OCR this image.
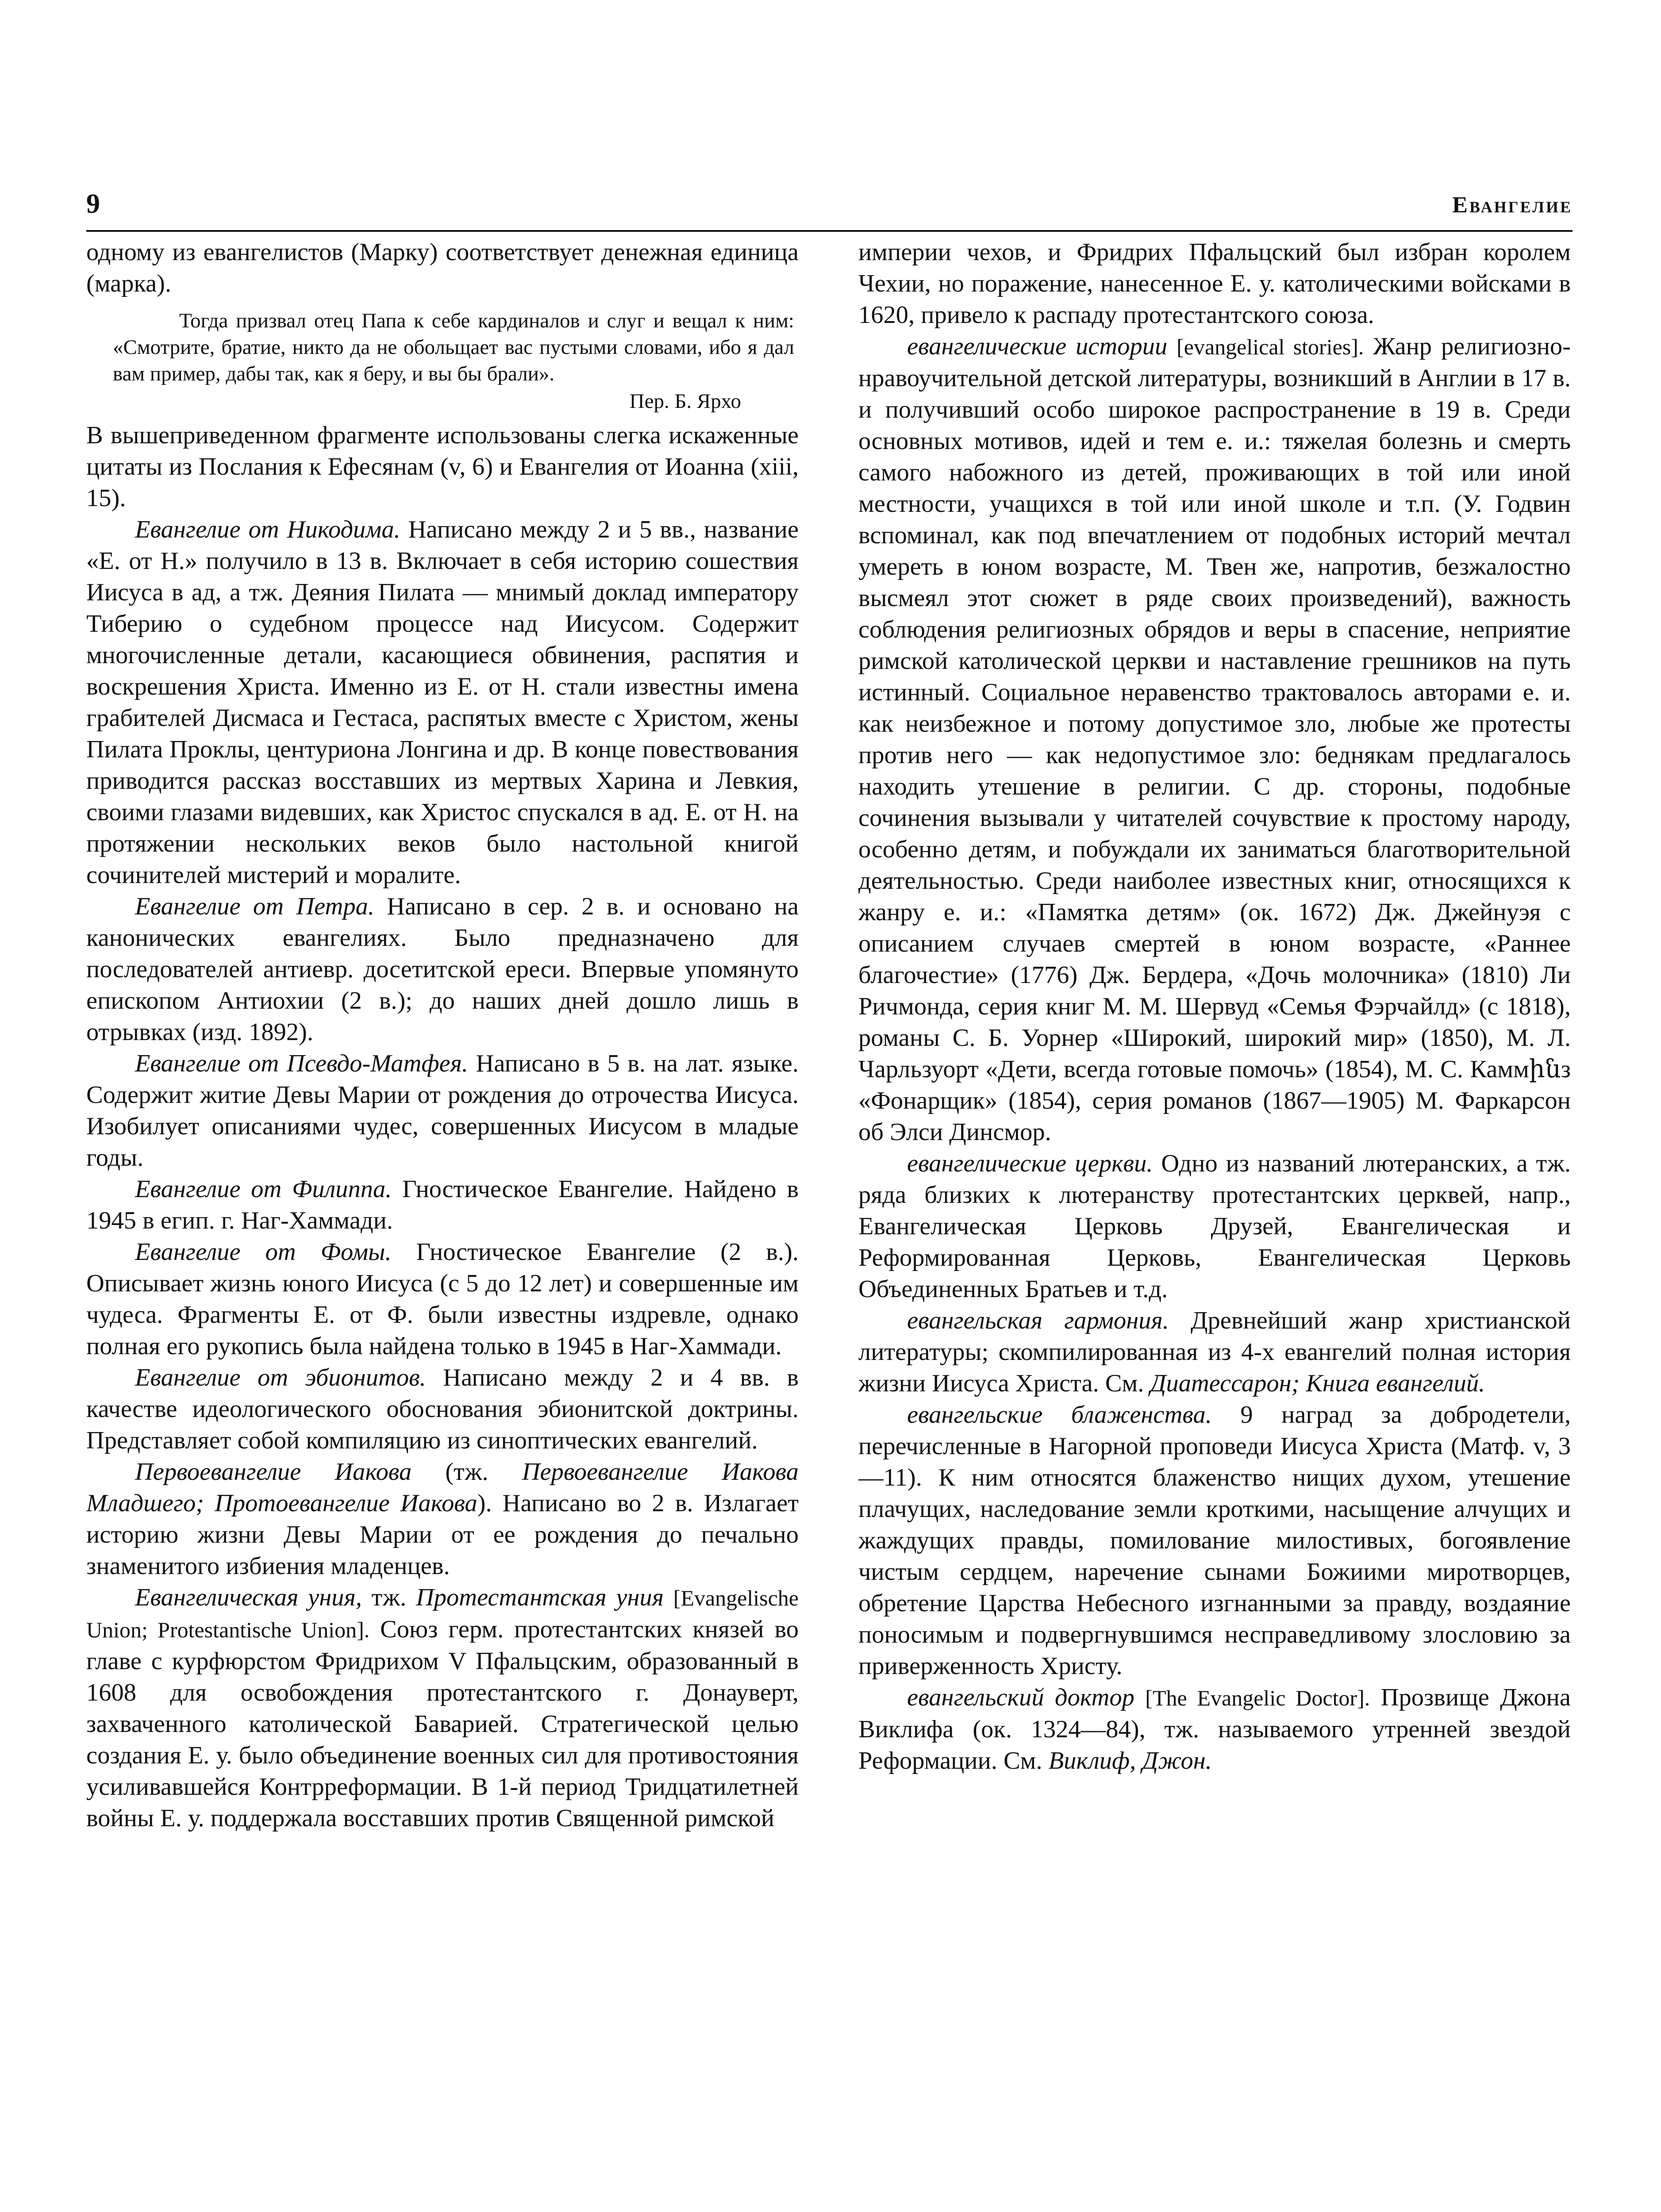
9	Евангелие

одному из евангелистов (Марку) соответствует денежная единица (марка).

Тогда призвал отец Папа к себе кардиналов и слуг и вещал к ним: «Смотрите, братие, никто да не обольщает вас пустыми словами, ибо я дал вам пример, дабы так, как я беру, и вы бы брали».

Пер. Б. Ярхо

В вышеприведенном фрагменте использованы слегка искаженные цитаты из Послания к Ефесянам (v, 6) и Евангелия от Иоанна (xiii, 15).

Евангелие от Никодима. Написано между 2 и 5 вв., название «Е. от Н.» получило в 13 в. Включает в себя историю сошествия Иисуса в ад, а тж. Деяния Пилата — мнимый доклад императору Тиберию о судебном процессе над Иисусом. Содержит многочисленные детали, касающиеся обвинения, распятия и воскрешения Христа. Именно из Е. от Н. стали известны имена грабителей Дисмаса и Гестаса, распятых вместе с Христом, жены Пилата Проклы, центуриона Лонгина и др. В конце повествования приводится рассказ восставших из мертвых Харина и Левкия, своими глазами видевших, как Христос спускался в ад. Е. от Н. на протяжении нескольких веков было настольной книгой сочинителей мистерий и моралите.

Евангелие от Петра. Написано в сер. 2 в. и основано на канонических евангелиях. Было предназначено для последователей антиевр. досетитской ереси. Впервые упомянуто епископом Антиохии (2 в.); до наших дней дошло лишь в отрывках (изд. 1892).

Евангелие от Псевдо-Матфея. Написано в 5 в. на лат. языке. Содержит житие Девы Марии от рождения до отрочества Иисуса. Изобилует описаниями чудес, совершенных Иисусом в младые годы.

Евангелие от Филиппа. Гностическое Евангелие. Найдено в 1945 в егип. г. Наг-Хаммади.

Евангелие от Фомы. Гностическое Евангелие (2 в.). Описывает жизнь юного Иисуса (с 5 до 12 лет) и совершенные им чудеса. Фрагменты Е. от Ф. были известны издревле, однако полная его рукопись была найдена только в 1945 в Наг-Хаммади.

Евангелие от эбионитов. Написано между 2 и 4 вв. в качестве идеологического обоснования эбионитской доктрины. Представляет собой компиляцию из синоптических евангелий.

Первоевангелие Иакова (тж. Первоевангелие Иакова Младшего; Протоевангелие Иакова). Написано во 2 в. Излагает историю жизни Девы Марии от ее рождения до печально знаменитого избиения младенцев.

Евангелическая уния, тж. Протестантская уния [Evangelische Union; Protestantische Union]. Союз герм. протестантских князей во главе с курфюрстом Фридрихом V Пфальцским, образованный в 1608 для освобождения протестантского г. Донауверт, захваченного католической Баварией. Стратегической целью создания Е. у. было объединение военных сил для противостояния усиливавшейся Контрреформации. В 1-й период Тридцатилетней войны Е. у. поддержала восставших против Священной римской

империи чехов, и Фридрих Пфальцский был избран королем Чехии, но поражение, нанесенное Е. у. католическими войсками в 1620, привело к распаду протестантского союза.

евангелические истории [evangelical stories]. Жанр религиозно-нравоучительной детской литературы, возникший в Англии в 17 в. и получивший особо широкое распространение в 19 в. Среди основных мотивов, идей и тем е. и.: тяжелая болезнь и смерть самого набожного из детей, проживающих в той или иной местности, учащихся в той или иной школе и т.п. (У. Годвин вспоминал, как под впечатлением от подобных историй мечтал умереть в юном возрасте, М. Твен же, напротив, безжалостно высмеял этот сюжет в ряде своих произведений), важность соблюдения религиозных обрядов и веры в спасение, неприятие римской католической церкви и наставление грешников на путь истинный. Социальное неравенство трактовалось авторами е. и. как неизбежное и потому допустимое зло, любые же протесты против него — как недопустимое зло: беднякам предлагалось находить утешение в религии. С др. стороны, подобные сочинения вызывали у читателей сочувствие к простому народу, особенно детям, и побуждали их заниматься благотворительной деятельностью. Среди наиболее известных книг, относящихся к жанру е. и.: «Памятка детям» (ок. 1672) Дж. Джейнуэя с описанием случаев смертей в юном возрасте, «Раннее благочестие» (1776) Дж. Бердера, «Дочь молочника» (1810) Ли Ричмонда, серия книг М. М. Шервуд «Семья Фэрчайлд» (с 1818), романы С. Б. Уорнер «Широкий, широкий мир» (1850), М. Л. Чарльзуорт «Дети, всегда готовые помочь» (1854), М. С. Каммինз «Фонарщик» (1854), серия романов (1867—1905) М. Фаркарсон об Элси Динсмор.

евангелические церкви. Одно из названий лютеранских, а тж. ряда близких к лютеранству протестантских церквей, напр., Евангелическая Церковь Друзей, Евангелическая и Реформированная Церковь, Евангелическая Церковь Объединенных Братьев и т.д.

евангельская гармония. Древнейший жанр христианской литературы; скомпилированная из 4-х евангелий полная история жизни Иисуса Христа. См. Диатессарон; Книга евангелий.

евангельские блаженства. 9 наград за добродетели, перечисленные в Нагорной проповеди Иисуса Христа (Матф. v, 3—11). К ним относятся блаженство нищих духом, утешение плачущих, наследование земли кроткими, насыщение алчущих и жаждущих правды, помилование милостивых, богоявление чистым сердцем, наречение сынами Божиими миротворцев, обретение Царства Небесного изгнанными за правду, воздаяние поносимым и подвергнувшимся несправедливому злословию за приверженность Христу.

евангельский доктор [The Evangelic Doctor]. Прозвище Джона Виклифа (ок. 1324—84), тж. называемого утренней звездой Реформации. См. Виклиф, Джон.
